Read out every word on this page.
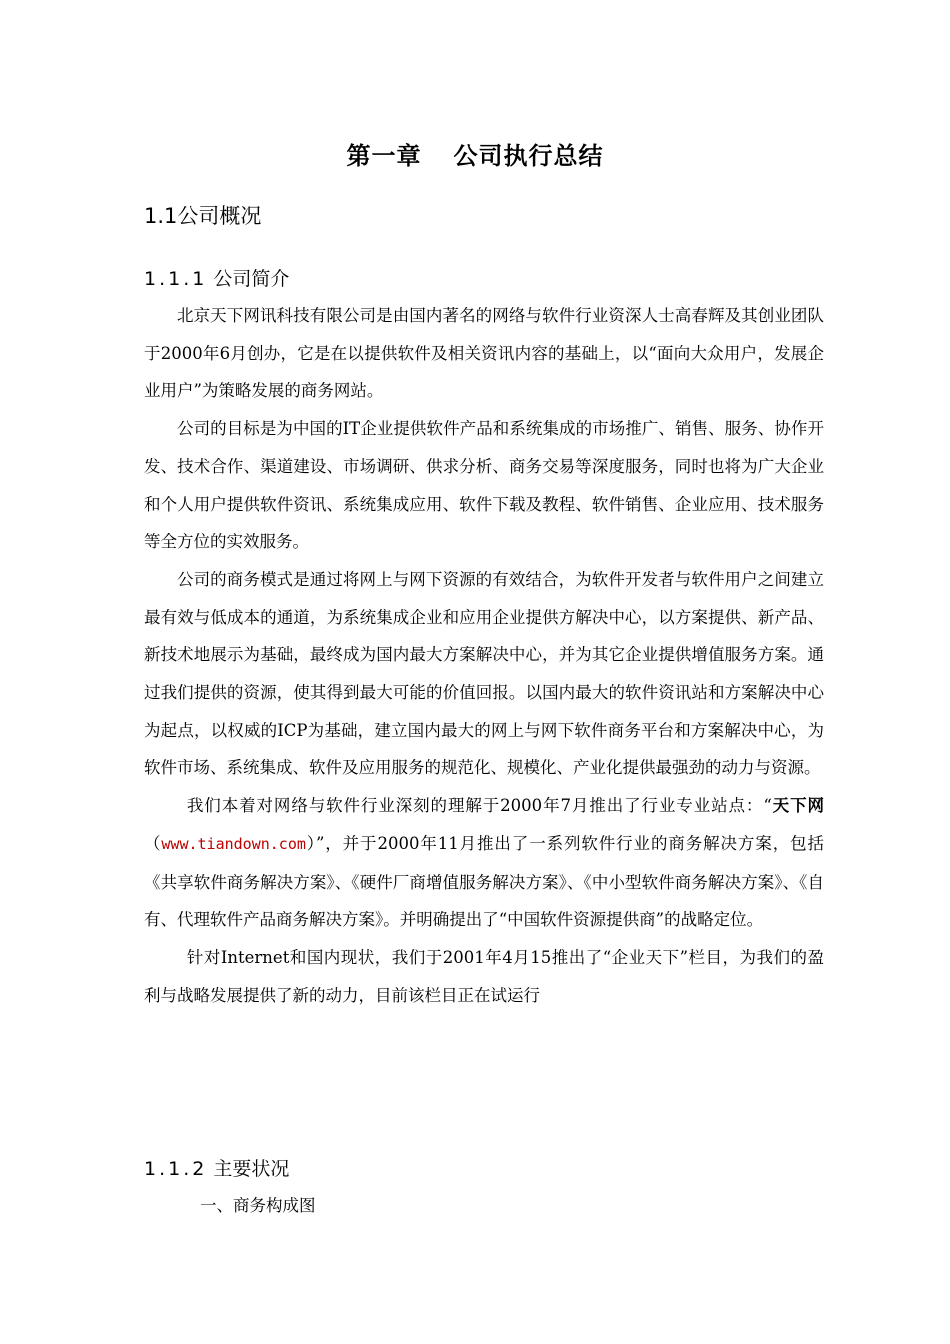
第一章 公司执行总结
1.1公司概况
1.1.1 公司简介

北京天下网讯科技有限公司是由国内著名的网络与软件行业资深人士高春辉及其创业团队于2000年6月创办，它是在以提供软件及相关资讯内容的基础上，以“面向大众用户，发展企业用户”为策略发展的商务网站。

公司的目标是为中国的IT企业提供软件产品和系统集成的市场推广、销售、服务、协作开发、技术合作、渠道建设、市场调研、供求分析、商务交易等深度服务，同时也将为广大企业和个人用户提供软件资讯、系统集成应用、软件下载及教程、软件销售、企业应用、技术服务等全方位的实效服务。

公司的商务模式是通过将网上与网下资源的有效结合，为软件开发者与软件用户之间建立最有效与低成本的通道，为系统集成企业和应用企业提供方解决中心，以方案提供、新产品、新技术地展示为基础，最终成为国内最大方案解决中心，并为其它企业提供增值服务方案。通过我们提供的资源，使其得到最大可能的价值回报。以国内最大的软件资讯站和方案解决中心为起点，以权威的ICP为基础，建立国内最大的网上与网下软件商务平台和方案解决中心，为软件市场、系统集成、软件及应用服务的规范化、规模化、产业化提供最强劲的动力与资源。

我们本着对网络与软件行业深刻的理解于2000年7月推出了行业专业站点：“天下网（www.tiandown.com）”，并于2000年11月推出了一系列软件行业的商务解决方案，包括《共享软件商务解决方案》、《硬件厂商增值服务解决方案》、《中小型软件商务解决方案》、《自有、代理软件产品商务解决方案》。并明确提出了“中国软件资源提供商”的战略定位。

针对Internet和国内现状，我们于2001年4月15推出了“企业天下”栏目，为我们的盈利与战略发展提供了新的动力，目前该栏目正在试运行

1.1.2 主要状况

一、商务构成图
